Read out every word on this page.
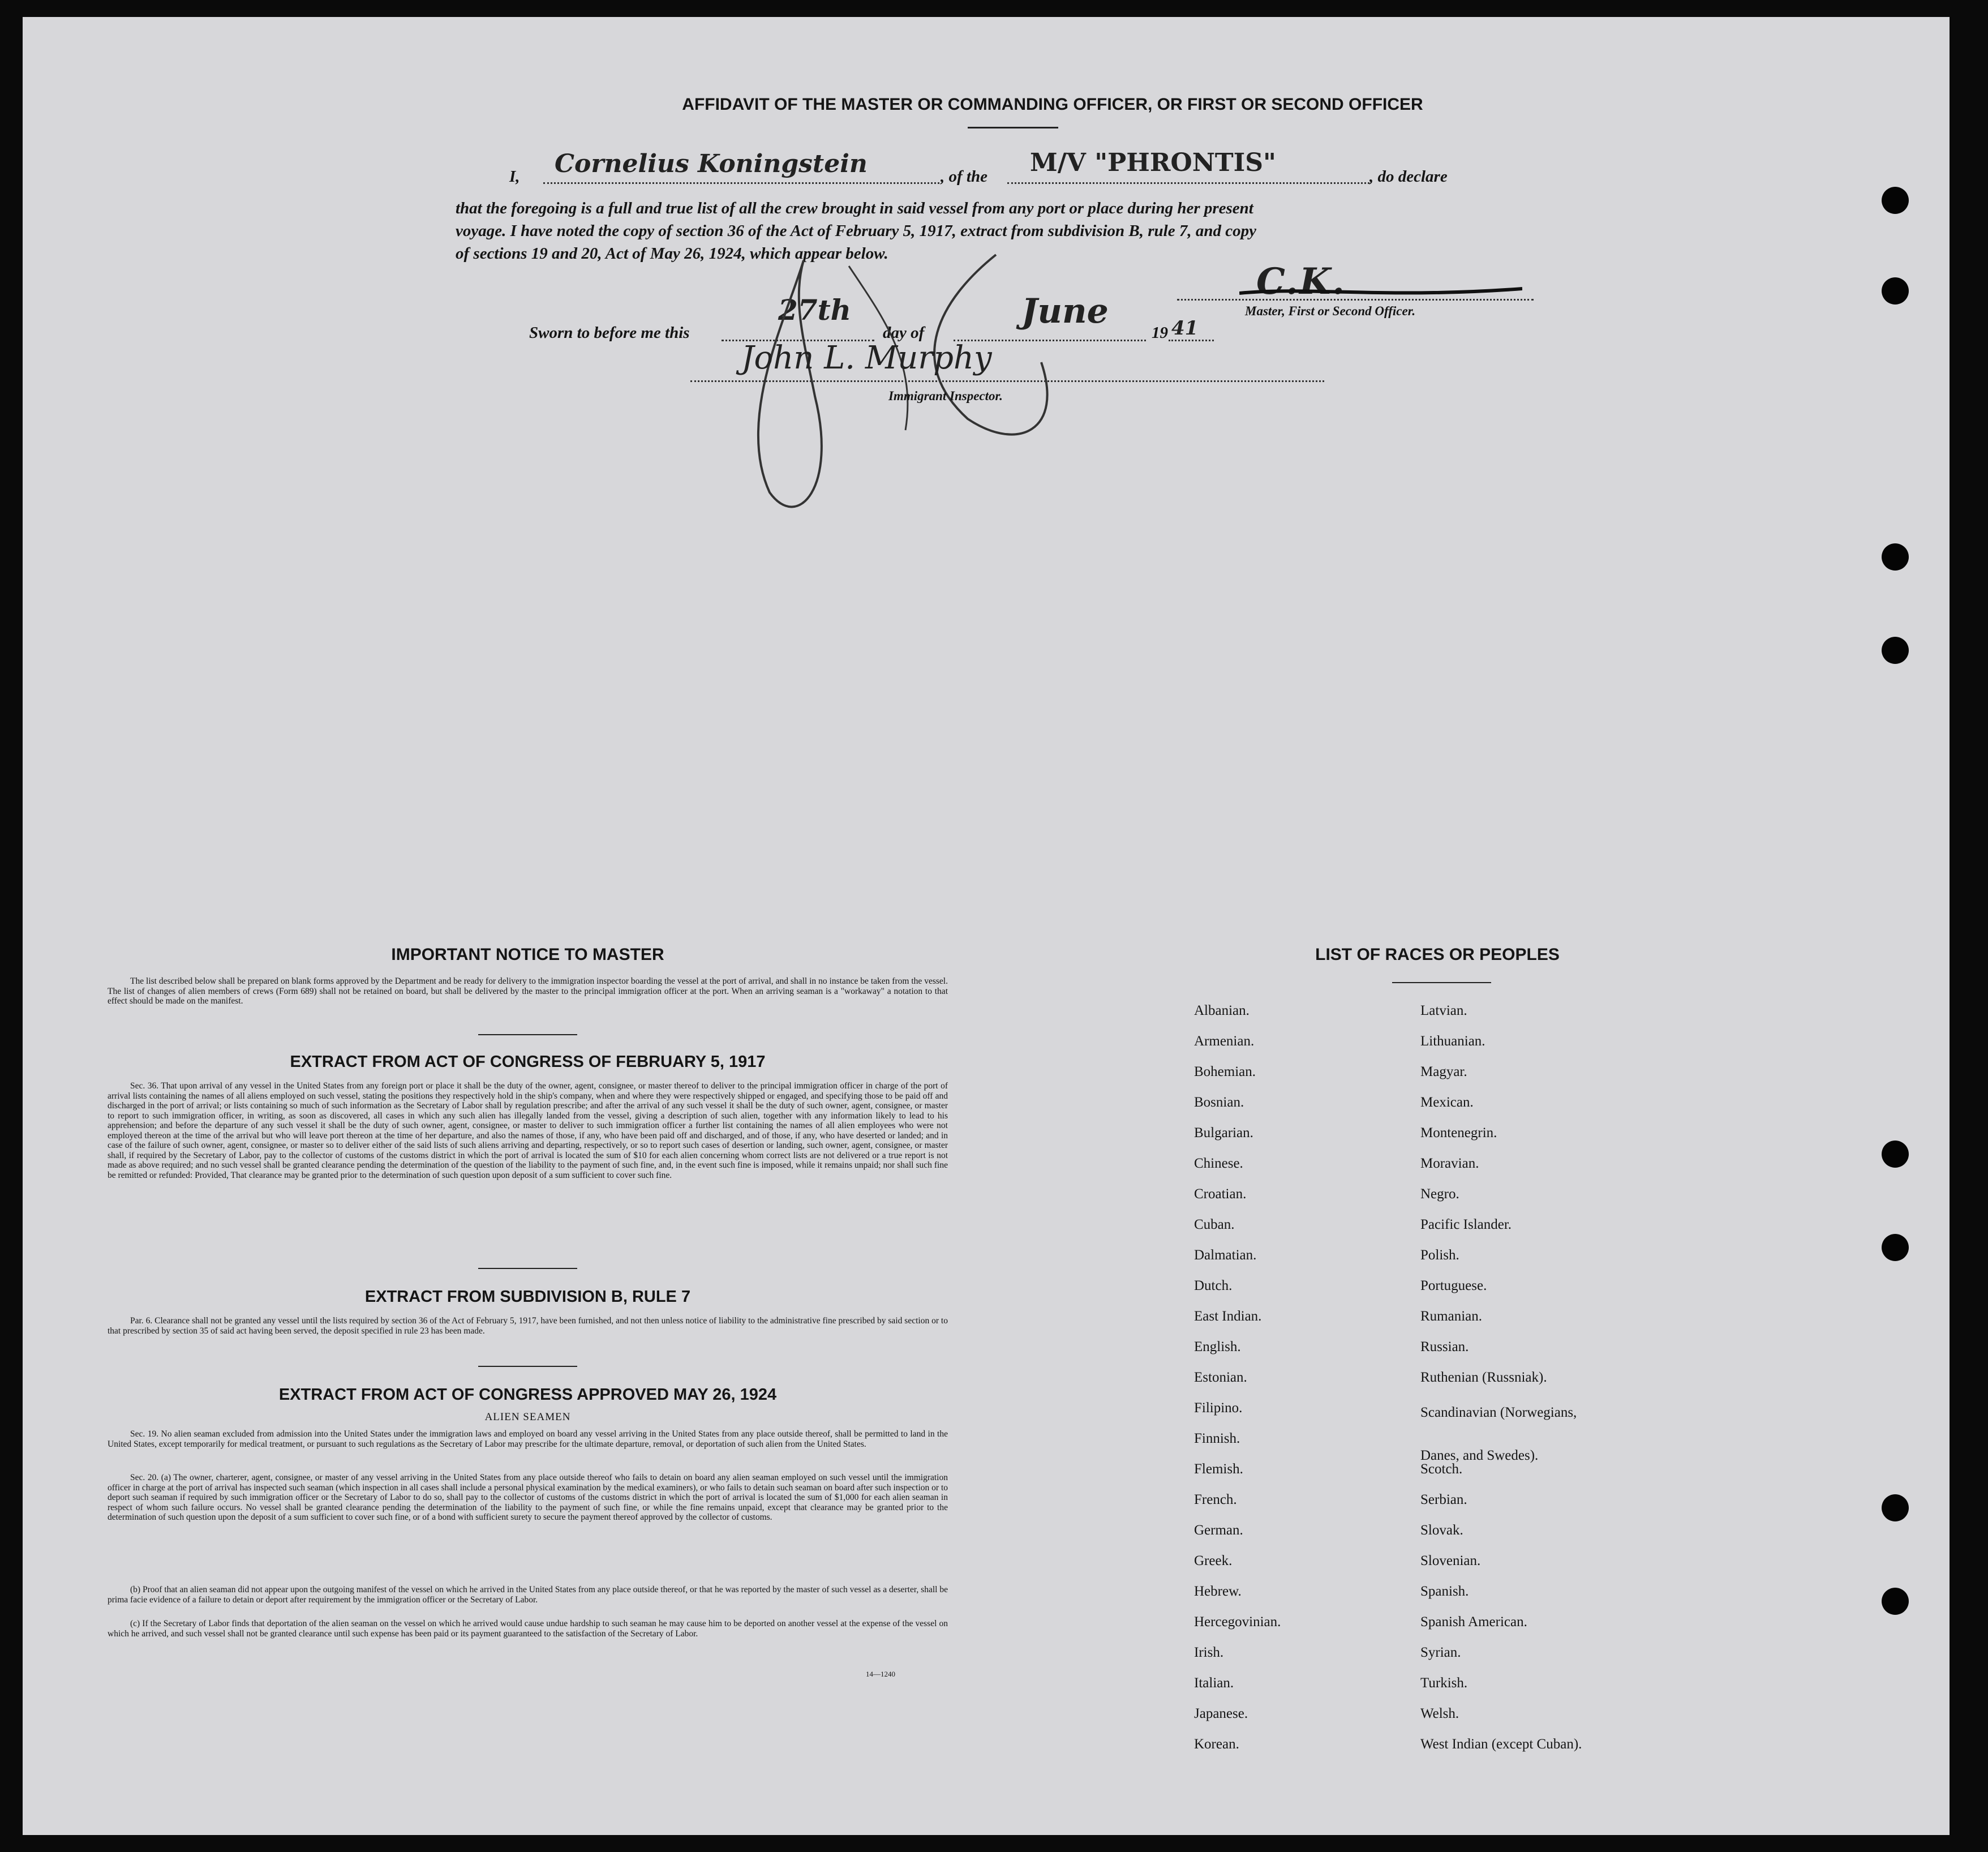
AFFIDAVIT OF THE MASTER OR COMMANDING OFFICER, OR FIRST OR SECOND OFFICER
I, Cornelius Koningstein	, of the M/V "PHRONTIS"	, do declare
that the foregoing is a full and true list of all the crew brought in said vessel from any port or place during her present
voyage. I have noted the copy of section 36 of the Act of February 5, 1917, extract from subdivision B, rule 7, and copy
of sections 19 and 20, Act of May 26, 1924, which appear below.
C.K.
Master, First or Second Officer.
Sworn to before me this
27th
day of
June
19 41
John L. Murphy
Immigrant Inspector.
IMPORTANT NOTICE TO MASTER
The list described below shall be prepared on blank forms approved by the Department and be ready for delivery to the immigration inspector boarding the vessel at the port of arrival, and shall in no instance be taken from the vessel. The list of changes of alien members of crews (Form 689) shall not be retained on board, but shall be delivered by the master to the principal immigration officer at the port. When an arriving seaman is a "workaway" a notation to that effect should be made on the manifest.
EXTRACT FROM ACT OF CONGRESS OF FEBRUARY 5, 1917
Sec. 36. That upon arrival of any vessel in the United States from any foreign port or place it shall be the duty of the owner, agent, consignee, or master thereof to deliver to the principal immigration officer in charge of the port of arrival lists containing the names of all aliens employed on such vessel, stating the positions they respectively hold in the ship's company, when and where they were respectively shipped or engaged, and specifying those to be paid off and discharged in the port of arrival; or lists containing so much of such information as the Secretary of Labor shall by regulation prescribe; and after the arrival of any such vessel it shall be the duty of such owner, agent, consignee, or master to report to such immigration officer, in writing, as soon as discovered, all cases in which any such alien has illegally landed from the vessel, giving a description of such alien, together with any information likely to lead to his apprehension; and before the departure of any such vessel it shall be the duty of such owner, agent, consignee, or master to deliver to such immigration officer a further list containing the names of all alien employees who were not employed thereon at the time of the arrival but who will leave port thereon at the time of her departure, and also the names of those, if any, who have been paid off and discharged, and of those, if any, who have deserted or landed; and in case of the failure of such owner, agent, consignee, or master so to deliver either of the said lists of such aliens arriving and departing, respectively, or so to report such cases of desertion or landing, such owner, agent, consignee, or master shall, if required by the Secretary of Labor, pay to the collector of customs of the customs district in which the port of arrival is located the sum of $10 for each alien concerning whom correct lists are not delivered or a true report is not made as above required; and no such vessel shall be granted clearance pending the determination of the question of the liability to the payment of such fine, and, in the event such fine is imposed, while it remains unpaid; nor shall such fine be remitted or refunded: Provided, That clearance may be granted prior to the determination of such question upon deposit of a sum sufficient to cover such fine.
EXTRACT FROM SUBDIVISION B, RULE 7
Par. 6. Clearance shall not be granted any vessel until the lists required by section 36 of the Act of February 5, 1917, have been furnished, and not then unless notice of liability to the administrative fine prescribed by said section or to that prescribed by section 35 of said act having been served, the deposit specified in rule 23 has been made.
EXTRACT FROM ACT OF CONGRESS APPROVED MAY 26, 1924
ALIEN SEAMEN
Sec. 19. No alien seaman excluded from admission into the United States under the immigration laws and employed on board any vessel arriving in the United States from any place outside thereof, shall be permitted to land in the United States, except temporarily for medical treatment, or pursuant to such regulations as the Secretary of Labor may prescribe for the ultimate departure, removal, or deportation of such alien from the United States.
Sec. 20. (a) The owner, charterer, agent, consignee, or master of any vessel arriving in the United States from any place outside thereof who fails to detain on board any alien seaman employed on such vessel until the immigration officer in charge at the port of arrival has inspected such seaman (which inspection in all cases shall include a personal physical examination by the medical examiners), or who fails to detain such seaman on board after such inspection or to deport such seaman if required by such immigration officer or the Secretary of Labor to do so, shall pay to the collector of customs of the customs district in which the port of arrival is located the sum of $1,000 for each alien seaman in respect of whom such failure occurs. No vessel shall be granted clearance pending the determination of the liability to the payment of such fine, or while the fine remains unpaid, except that clearance may be granted prior to the determination of such question upon the deposit of a sum sufficient to cover such fine, or of a bond with sufficient surety to secure the payment thereof approved by the collector of customs.
(b) Proof that an alien seaman did not appear upon the outgoing manifest of the vessel on which he arrived in the United States from any place outside thereof, or that he was reported by the master of such vessel as a deserter, shall be prima facie evidence of a failure to detain or deport after requirement by the immigration officer or the Secretary of Labor.
(c) If the Secretary of Labor finds that deportation of the alien seaman on the vessel on which he arrived would cause undue hardship to such seaman he may cause him to be deported on another vessel at the expense of the vessel on which he arrived, and such vessel shall not be granted clearance until such expense has been paid or its payment guaranteed to the satisfaction of the Secretary of Labor.
14—1240
LIST OF RACES OR PEOPLES
Albanian.
Armenian.
Bohemian.
Bosnian.
Bulgarian.
Chinese.
Croatian.
Cuban.
Dalmatian.
Dutch.
East Indian.
English.
Estonian.
Filipino.
Finnish.
Flemish.
French.
German.
Greek.
Hebrew.
Hercegovinian.
Irish.
Italian.
Japanese.
Korean.
Latvian.
Lithuanian.
Magyar.
Mexican.
Montenegrin.
Moravian.
Negro.
Pacific Islander.
Polish.
Portuguese.
Rumanian.
Russian.
Ruthenian (Russniak).
Scandinavian (Norwegians,
Danes, and Swedes).
Scotch.
Serbian.
Slovak.
Slovenian.
Spanish.
Spanish American.
Syrian.
Turkish.
Welsh.
West Indian (except Cuban).
